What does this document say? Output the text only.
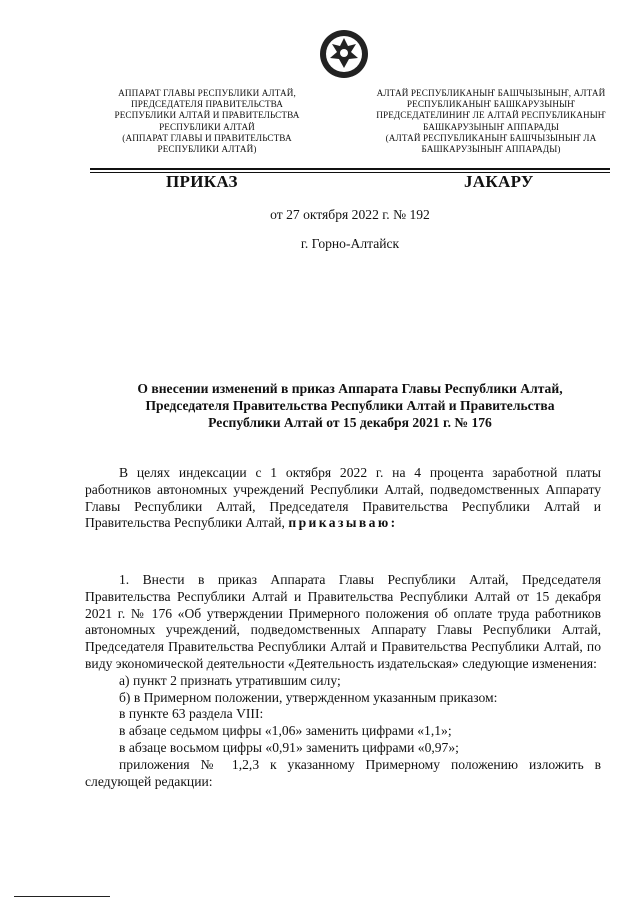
АППАРАТ ГЛАВЫ РЕСПУБЛИКИ АЛТАЙ,
ПРЕДСЕДАТЕЛЯ ПРАВИТЕЛЬСТВА
РЕСПУБЛИКИ АЛТАЙ И ПРАВИТЕЛЬСТВА
РЕСПУБЛИКИ АЛТАЙ
(АППАРАТ ГЛАВЫ И ПРАВИТЕЛЬСТВА
РЕСПУБЛИКИ АЛТАЙ)
АЛТАЙ РЕСПУБЛИКАНЫҤ БАШЧЫЗЫНЫҤ, АЛТАЙ
РЕСПУБЛИКАНЫҤ БАШКАРУЗЫНЫҤ
ПРЕДСЕДАТЕЛИНИҤ ЛЕ АЛТАЙ РЕСПУБЛИКАНЫҤ
БАШКАРУЗЫНЫҤ АППАРАДЫ
(АЛТАЙ РЕСПУБЛИКАНЫҤ БАШЧЫЗЫНЫҤ ЛА
БАШКАРУЗЫНЫҤ АППАРАДЫ)
ПРИКАЗ	JАКАРУ
от 27 октября 2022 г. № 192
г. Горно-Алтайск
О внесении изменений в приказ Аппарата Главы Республики Алтай,
Председателя Правительства Республики Алтай и Правительства
Республики Алтай от 15 декабря 2021 г. № 176

В целях индексации с 1 октября 2022 г. на 4 процента заработной платы работников автономных учреждений Республики Алтай, подведомственных Аппарату Главы Республики Алтай, Председателя Правительства Республики Алтай и Правительства Республики Алтай, приказываю:

1. Внести в приказ Аппарата Главы Республики Алтай, Председателя Правительства Республики Алтай и Правительства Республики Алтай от 15 декабря 2021 г. № 176 «Об утверждении Примерного положения об оплате труда работников автономных учреждений, подведомственных Аппарату Главы Республики Алтай, Председателя Правительства Республики Алтай и Правительства Республики Алтай, по виду экономической деятельности «Деятельность издательская» следующие изменения:

а) пункт 2 признать утратившим силу;

б) в Примерном положении, утвержденном указанным приказом:

в пункте 63 раздела VIII:

в абзаце седьмом цифры «1,06» заменить цифрами «1,1»;

в абзаце восьмом цифры «0,91» заменить цифрами «0,97»;

приложения № 1,2,3 к указанному Примерному положению изложить в следующей редакции:
